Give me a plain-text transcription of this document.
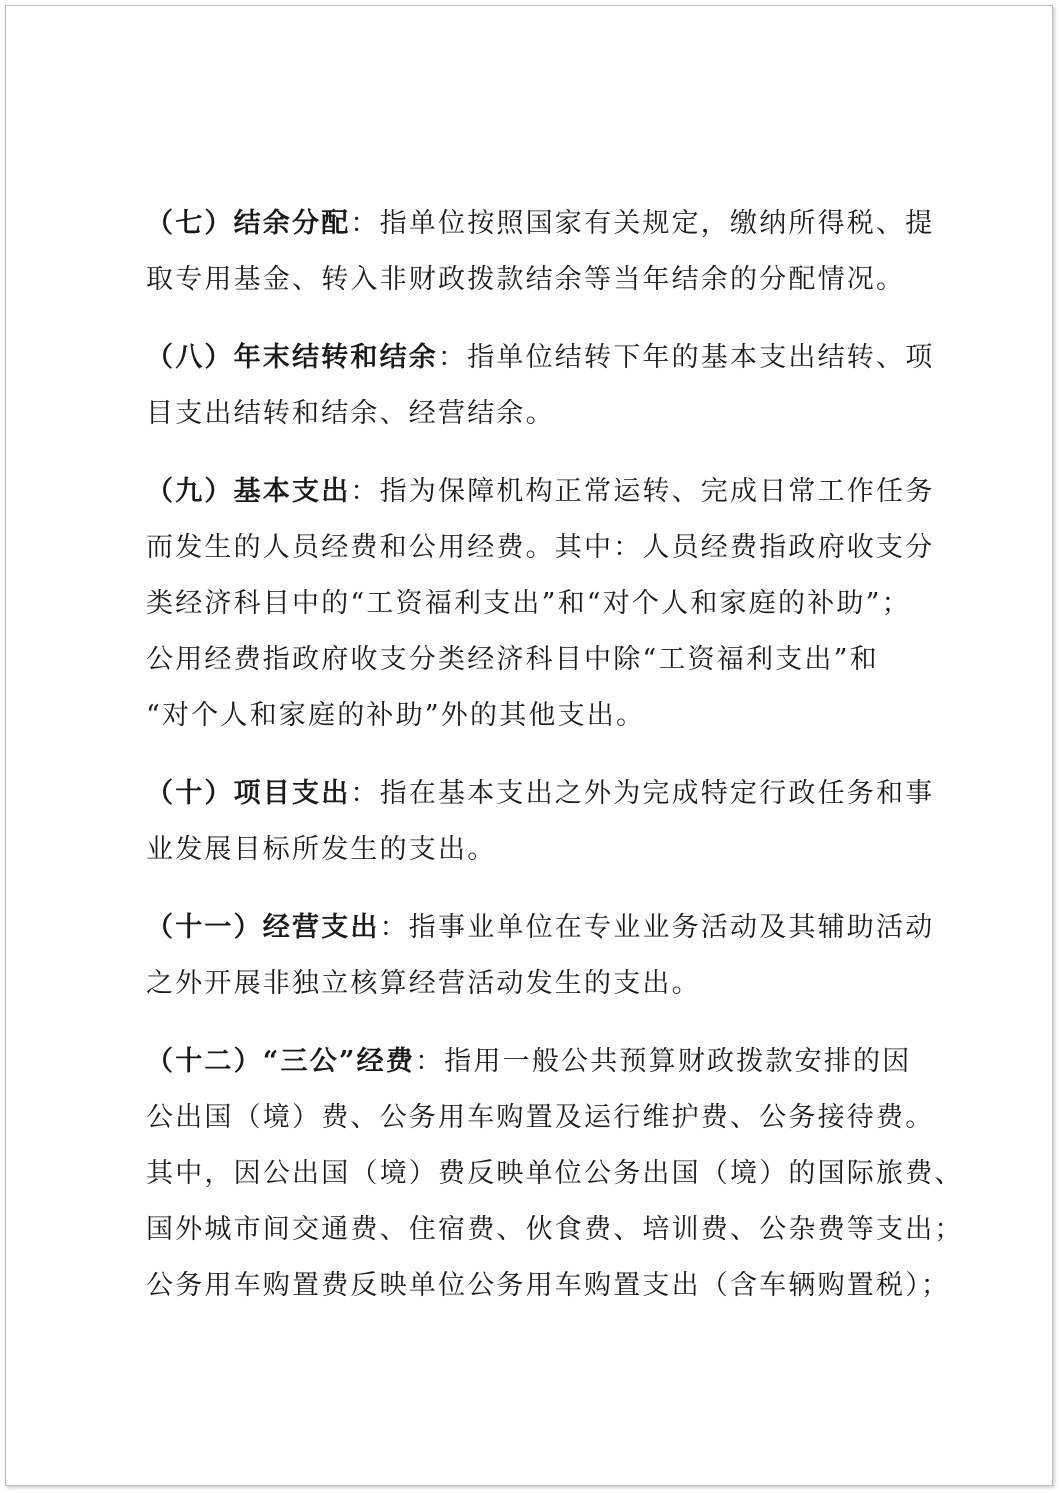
（七）结余分配：指单位按照国家有关规定，缴纳所得税、提
取专用基金、转入非财政拨款结余等当年结余的分配情况。
（八）年末结转和结余：指单位结转下年的基本支出结转、项
目支出结转和结余、经营结余。
（九）基本支出：指为保障机构正常运转、完成日常工作任务
而发生的人员经费和公用经费。其中：人员经费指政府收支分
类经济科目中的“工资福利支出”和“对个人和家庭的补助”；
公用经费指政府收支分类经济科目中除“工资福利支出”和
“对个人和家庭的补助”外的其他支出。
（十）项目支出：指在基本支出之外为完成特定行政任务和事
业发展目标所发生的支出。
（十一）经营支出：指事业单位在专业业务活动及其辅助活动
之外开展非独立核算经营活动发生的支出。
（十二）“三公”经费：指用一般公共预算财政拨款安排的因
公出国（境）费、公务用车购置及运行维护费、公务接待费。
其中，因公出国（境）费反映单位公务出国（境）的国际旅费、
国外城市间交通费、住宿费、伙食费、培训费、公杂费等支出；
公务用车购置费反映单位公务用车购置支出（含车辆购置税）；
